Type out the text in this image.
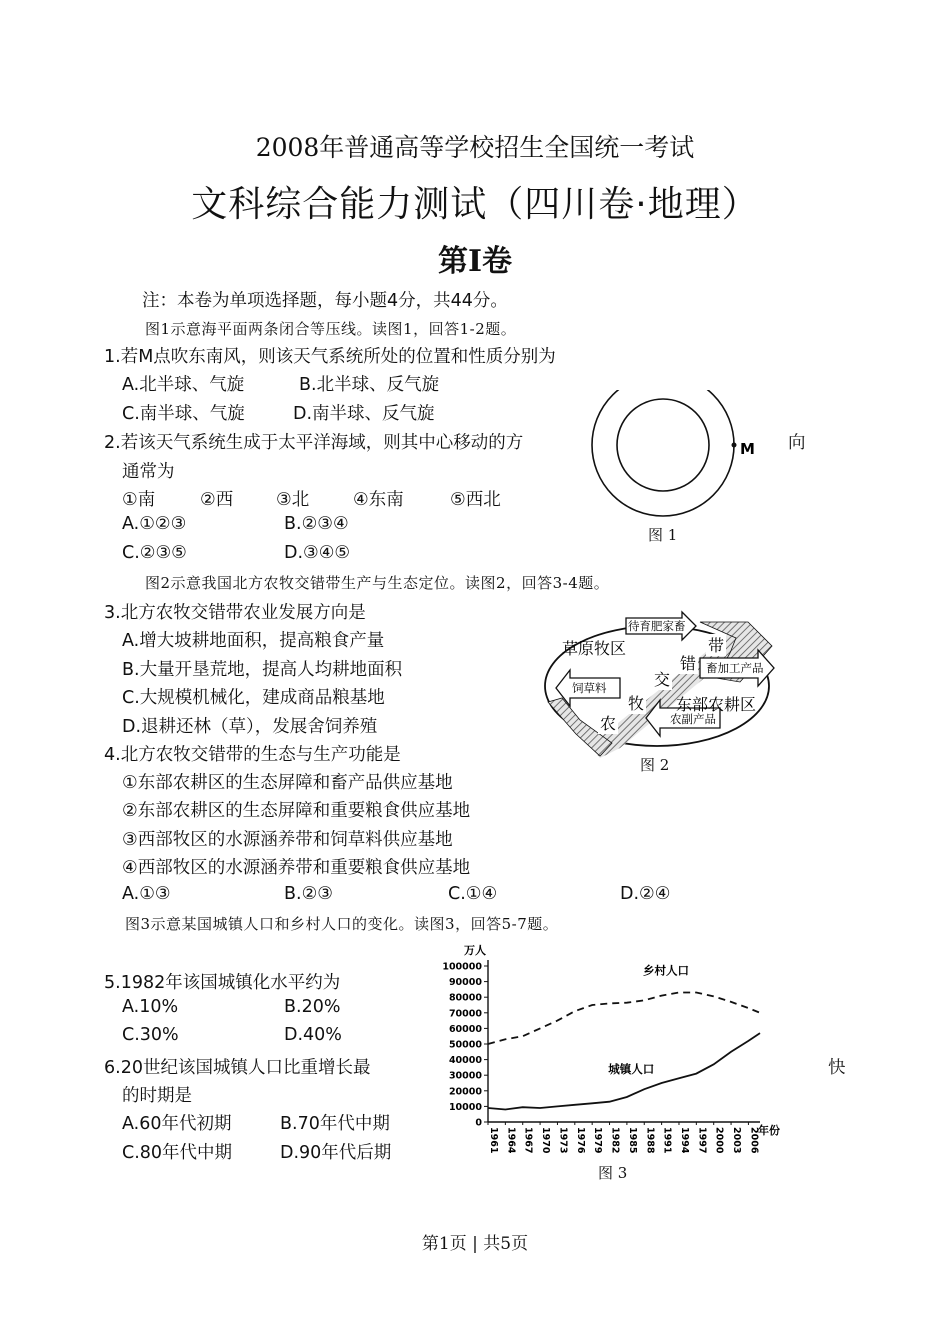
2008年普通高等学校招生全国统一考试
文科综合能力测试（四川卷·地理）
第I卷
注：本卷为单项选择题，每小题4分，共44分。
图1示意海平面两条闭合等压线。读图1，回答1-2题。
1.若M点吹东南风，则该天气系统所处的位置和性质分别为
A.北半球、气旋	B.北半球、反气旋
C.南半球、气旋	D.南半球、反气旋
2.若该天气系统生成于太平洋海域，则其中心移动的方	向
通常为
①南	②西 ③北	④东南	⑤西北
A.①②③	B.②③④
C.②③⑤	D.③④⑤
M
图 1
图2示意我国北方农牧交错带生产与生态定位。读图2，回答3-4题。
3.北方农牧交错带农业发展方向是
A.增大坡耕地面积，提高粮食产量
B.大量开垦荒地，提高人均耕地面积
C.大规模机械化，建成商品粮基地
D.退耕还林（草），发展舍饲养殖
草原牧区
东部农耕区
待育肥家畜
饲草料
畜加工产品
农副产品
农
牧
交
错
带
图 2
4.北方农牧交错带的生态与生产功能是
①东部农耕区的生态屏障和畜产品供应基地
②东部农耕区的生态屏障和重要粮食供应基地
③西部牧区的水源涵养带和饲草料供应基地
④西部牧区的水源涵养带和重要粮食供应基地
A.①③	B.②③	C.①④	D.②④
图3示意某国城镇人口和乡村人口的变化。读图3，回答5-7题。
5.1982年该国城镇化水平约为
A.10%	B.20%
C.30%	D.40%
6.20世纪该国城镇人口比重增长最	快
的时期是
A.60年代初期	B.70年代中期
C.80年代中期	D.90年代后期
万人
年份
0
10000
20000
30000
40000
50000
60000
70000
80000
90000
100000
1961 1964 1967 1970 1973 1976 1979 1982 1985 1988 1991 1994 1997 2000 2003 2006
乡村人口
城镇人口
图 3
第1页 | 共5页
